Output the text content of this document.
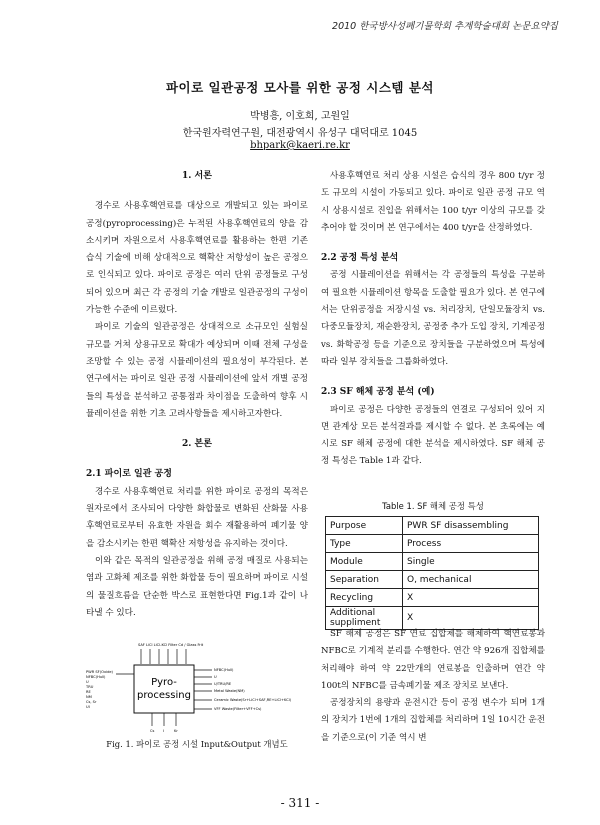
2010 한국방사성폐기물학회 추계학술대회 논문요약집
파이로 일관공정 모사를 위한 공정 시스템 분석
박병흥, 이호희, 고원일
한국원자력연구원, 대전광역시 유성구 대덕대로 1045
bhpark@kaeri.re.kr

1. 서론

경수로 사용후핵연료를 대상으로 개발되고 있는 파이로 공정(pyroprocessing)은 누적된 사용후핵연료의 양을 감소시키며 자원으로서 사용후핵연료를 활용하는 한편 기존 습식 기술에 비해 상대적으로 핵확산 저항성이 높은 공정으로 인식되고 있다. 파이로 공정은 여러 단위 공정들로 구성되어 있으며 최근 각 공정의 기술 개발로 일관공정의 구성이 가능한 수준에 이르렀다.

파이로 기술의 일관공정은 상대적으로 소규모인 실험실 규모를 거쳐 상용규모로 확대가 예상되며 이때 전체 구성을 조망할 수 있는 공정 시뮬레이션의 필요성이 부각된다. 본 연구에서는 파이로 일관 공정 시뮬레이션에 앞서 개별 공정들의 특성을 분석하고 공통점과 차이점을 도출하여 향후 시뮬레이션을 위한 기초 고려사항들을 제시하고자한다.

2. 본론

2.1 파이로 일관 공정

경수로 사용후핵연료 처리를 위한 파이로 공정의 목적은 원자로에서 조사되어 다양한 화합물로 변화된 산화물 사용후핵연료로부터 유효한 자원을 회수 재활용하여 폐기물 양을 감소시키는 한편 핵확산 저항성을 유지하는 것이다.

이와 같은 목적의 일관공정을 위해 공정 매질로 사용되는 염과 고화체 제조를 위한 화합물 등이 필요하며 파이로 시설의 물질흐름을 단순한 박스로 표현한다면 Fig.1과 같이 나타낼 수 있다.

SAF LiCl LiCl-KCl Filter Cd / Glass Frit
Pyro-
processing
PWR SF(Oxide)
NFBC(Hull)
U
TRU
RE
NM
Cs, Sr
UI
NFBC(Hull)
U
U/TRU/RE
Metal Waste(NM)
Ceramic Waste(Sr+LiCl+SAF,RE+LiCl+KCl)
VFF Waste(Filter+VFF+Cs)
Cs I	Kr
Fig. 1. 파이로 공정 시설 Input&Output 개념도

사용후핵연료 처리 상용 시설은 습식의 경우 800 t/yr 정도 규모의 시설이 가동되고 있다. 파이로 일관 공정 규모 역시 상용시설로 진입을 위해서는 100 t/yr 이상의 규모를 갖추어야 할 것이며 본 연구에서는 400 t/yr을 산정하였다.

2.2 공정 특성 분석

공정 시뮬레이션을 위해서는 각 공정들의 특성을 구분하여 필요한 시뮬레이션 항목을 도출할 필요가 있다. 본 연구에서는 단위공정을 저장시설 vs. 처리장치, 단일모듈장치 vs. 다중모듈장치, 재순환장치, 공정중 추가 도입 장치, 기계공정 vs. 화학공정 등을 기준으로 장치들을 구분하였으며 특성에 따라 일부 장치들을 그룹화하였다.

2.3 SF 해체 공정 분석 (예)

파이로 공정은 다양한 공정들의 연결로 구성되어 있어 지면 관계상 모든 분석결과를 제시할 수 없다. 본 초록에는 예시로 SF 해체 공정에 대한 분석을 제시하였다. SF 해체 공정 특성은 Table 1과 같다.

Table 1. SF 해체 공정 특성
Purpose	PWR SF disassembling
Type	Process
Module	Single
Separation	O, mechanical
Recycling	X
Additional suppliment	X

SF 해체 공정은 SF 연료 집합체를 해체하여 핵연료봉과 NFBC로 기계적 분리를 수행한다. 연간 약 926개 집합체를 처리해야 하여 약 22만개의 연료봉을 인출하며 연간 약 100t의 NFBC를 금속폐기물 제조 장치로 보낸다.

공정장치의 용량과 운전시간 등이 공정 변수가 되며 1개의 장치가 1번에 1개의 집합체를 처리하며 1일 10시간 운전을 기준으로(이 기준 역시 변

- 311 -
